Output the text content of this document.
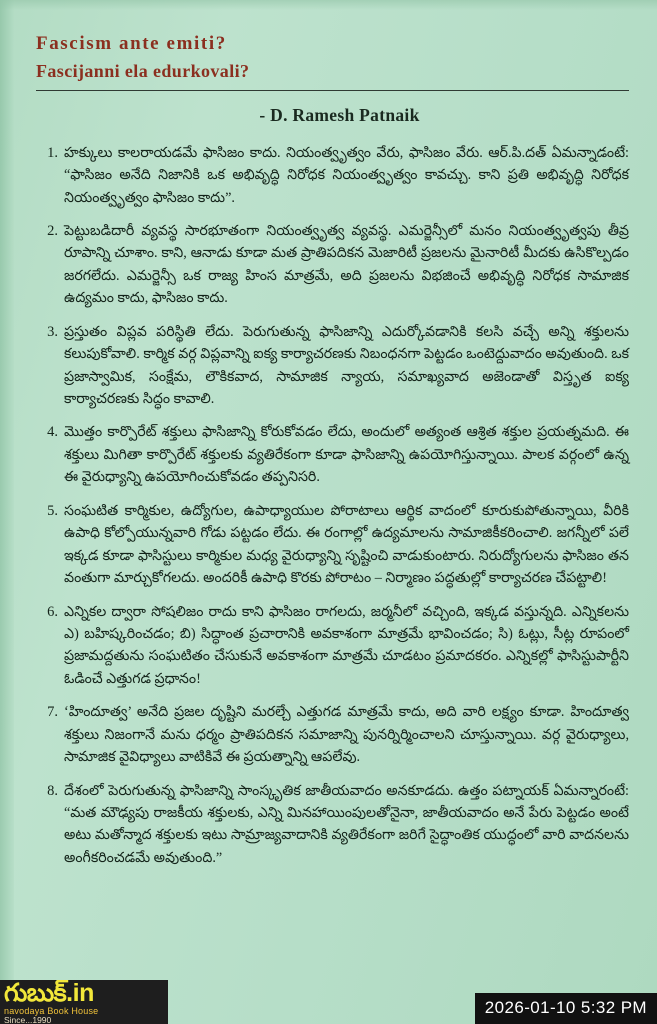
Fascism ante emiti?
Fascijanni ela edurkovali?
- D. Ramesh Patnaik
1. హక్కులు కాలరాయడమే ఫాసిజం కాదు. నియంత్వృత్వం వేరు, ఫాసిజం వేరు. ఆర్.పి.దత్ ఏమన్నాడంటే: “ఫాసిజం అనేది నిజానికి ఒక అభివృద్ధి నిరోధక నియంత్వృత్వం కావచ్చు. కాని ప్రతి అభివృద్ధి నిరోధక నియంత్వృత్వం ఫాసిజం కాదు”.
2. పెట్టుబడిదారీ వ్యవస్థ సారభూతంగా నియంత్వృత్వ వ్యవస్థ. ఎమర్జెన్సీలో మనం నియంత్వృత్వపు తీవ్ర రూపాన్ని చూశాం. కాని, ఆనాడు కూడా మత ప్రాతిపదికన మెజారిటీ ప్రజలను మైనారిటీ మీదకు ఉసికొల్పడం జరగలేదు. ఎమర్జెన్సీ ఒక రాజ్య హింస మాత్రమే, అది ప్రజలను విభజించే అభివృద్ధి నిరోధక సామాజిక ఉద్యమం కాదు, ఫాసిజం కాదు.
3. ప్రస్తుతం విప్లవ పరిస్థితి లేదు. పెరుగుతున్న ఫాసిజాన్ని ఎదుర్కోవడానికి కలసి వచ్చే అన్ని శక్తులను కలుపుకోవాలి. కార్మిక వర్గ విప్లవాన్ని ఐక్య కార్యాచరణకు నిబంధనగా పెట్టడం ఒంటెద్దువాదం అవుతుంది. ఒక ప్రజాస్వామిక, సంక్షేమ, లౌకికవాద, సామాజిక న్యాయ, సమాఖ్యవాద అజెండాతో విస్తృత ఐక్య కార్యాచరణకు సిద్ధం కావాలి.
4. మొత్తం కార్పొరేట్ శక్తులు ఫాసిజాన్ని కోరుకోవడం లేదు, అందులో అత్యంత ఆశ్రిత శక్తుల ప్రయత్నమది. ఈ శక్తులు మిగితా కార్పొరేట్ శక్తులకు వ్యతిరేకంగా కూడా ఫాసిజాన్ని ఉపయోగిస్తున్నాయి. పాలక వర్గంలో ఉన్న ఈ వైరుధ్యాన్ని ఉపయోగించుకోవడం తప్పనిసరి.
5. సంఘటిత కార్మికుల, ఉద్యోగుల, ఉపాధ్యాయుల పోరాటాలు ఆర్థిక వాదంలో కూరుకుపోతున్నాయి, వీరికి ఉపాధి కోల్పోయున్నవారి గోడు పట్టడం లేదు. ఈ రంగాల్లో ఉద్యమాలను సామాజికీకరించాలి. జగన్నీలో పలే ఇక్కడ కూడా ఫాసిస్టులు కార్మికుల మధ్య వైరుధ్యాన్ని సృష్టించి వాడుకుంటారు. నిరుద్యోగులను ఫాసిజం తన వంతుగా మార్చుకోగలదు. అందరికీ ఉపాధి కొరకు పోరాటం – నిర్మాణం పద్ధతుల్లో కార్యాచరణ చేపట్టాలి!
6. ఎన్నికల ద్వారా సోషలిజం రాదు కాని ఫాసిజం రాగలదు, జర్మనీలో వచ్చింది, ఇక్కడ వస్తున్నది. ఎన్నికలను ఎ) బహిష్కరించడం; బి) సిద్ధాంత ప్రచారానికి అవకాశంగా మాత్రమే భావించడం; సి) ఓట్లు, సీట్ల రూపంలో ప్రజామద్దతును సంఘటితం చేసుకునే అవకాశంగా మాత్రమే చూడటం ప్రమాదకరం. ఎన్నికల్లో ఫాసిస్టుపార్టీని ఓడించే ఎత్తుగడ ప్రధానం!
7. ‘హిందూత్వ’ అనేది ప్రజల దృష్టిని మరల్చే ఎత్తుగడ మాత్రమే కాదు, అది వారి లక్ష్యం కూడా. హిందూత్వ శక్తులు నిజంగానే మను ధర్మం ప్రాతిపదికన సమాజాన్ని పునర్నిర్మించాలని చూస్తున్నాయి. వర్గ వైరుధ్యాలు, సామాజిక వైవిధ్యాలు వాటికివే ఈ ప్రయత్నాన్ని ఆపలేవు.
8. దేశంలో పెరుగుతున్న ఫాసిజాన్ని సాంస్కృతిక జాతీయవాదం అనకూడదు. ఉత్తం పట్నాయక్ ఏమన్నారంటే: “మత మౌఢ్యపు రాజకీయ శక్తులకు, ఎన్ని మినహాయింపులతోనైనా, జాతీయవాదం అనే పేరు పెట్టడం అంటే అటు మతోన్మాద శక్తులకు ఇటు సామ్రాజ్యవాదానికి వ్యతిరేకంగా జరిగే సైద్ధాంతిక యుద్ధంలో వారి వాదనలను అంగీకరించడమే అవుతుంది.”
గుబుక్.in
navodaya Book House
Since...1990
2026-01-10 5:32 PM
